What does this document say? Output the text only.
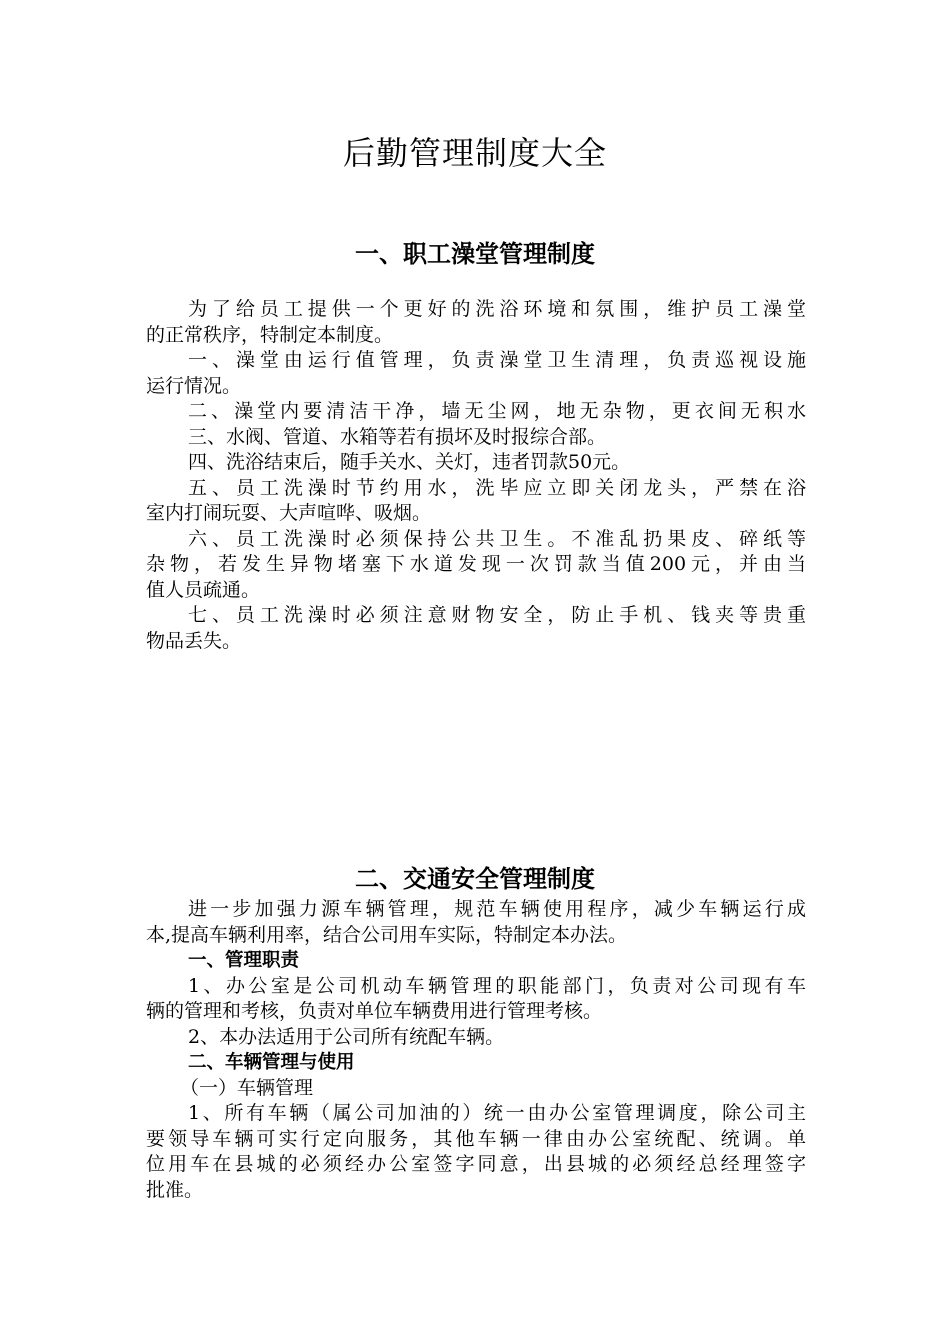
后勤管理制度大全
一、职工澡堂管理制度
为了给员工提供一个更好的洗浴环境和氛围，维护员工澡堂
的正常秩序，特制定本制度。
一、澡堂由运行值管理，负责澡堂卫生清理，负责巡视设施
运行情况。
二、澡堂内要清洁干净，墙无尘网，地无杂物，更衣间无积水
三、水阀、管道、水箱等若有损坏及时报综合部。
四、洗浴结束后，随手关水、关灯，违者罚款50元。
五、员工洗澡时节约用水，洗毕应立即关闭龙头，严禁在浴
室内打闹玩耍、大声喧哗、吸烟。
六、员工洗澡时必须保持公共卫生。不准乱扔果皮、碎纸等
杂物，若发生异物堵塞下水道发现一次罚款当值200元，并由当
值人员疏通。
七、员工洗澡时必须注意财物安全，防止手机、钱夹等贵重
物品丢失。
二、交通安全管理制度
进一步加强力源车辆管理，规范车辆使用程序，减少车辆运行成
本,提高车辆利用率，结合公司用车实际，特制定本办法。
一、管理职责
1、办公室是公司机动车辆管理的职能部门，负责对公司现有车
辆的管理和考核，负责对单位车辆费用进行管理考核。
2、本办法适用于公司所有统配车辆。
二、车辆管理与使用
（一）车辆管理
1、所有车辆（属公司加油的）统一由办公室管理调度，除公司主
要领导车辆可实行定向服务，其他车辆一律由办公室统配、统调。单
位用车在县城的必须经办公室签字同意，出县城的必须经总经理签字
批准。
